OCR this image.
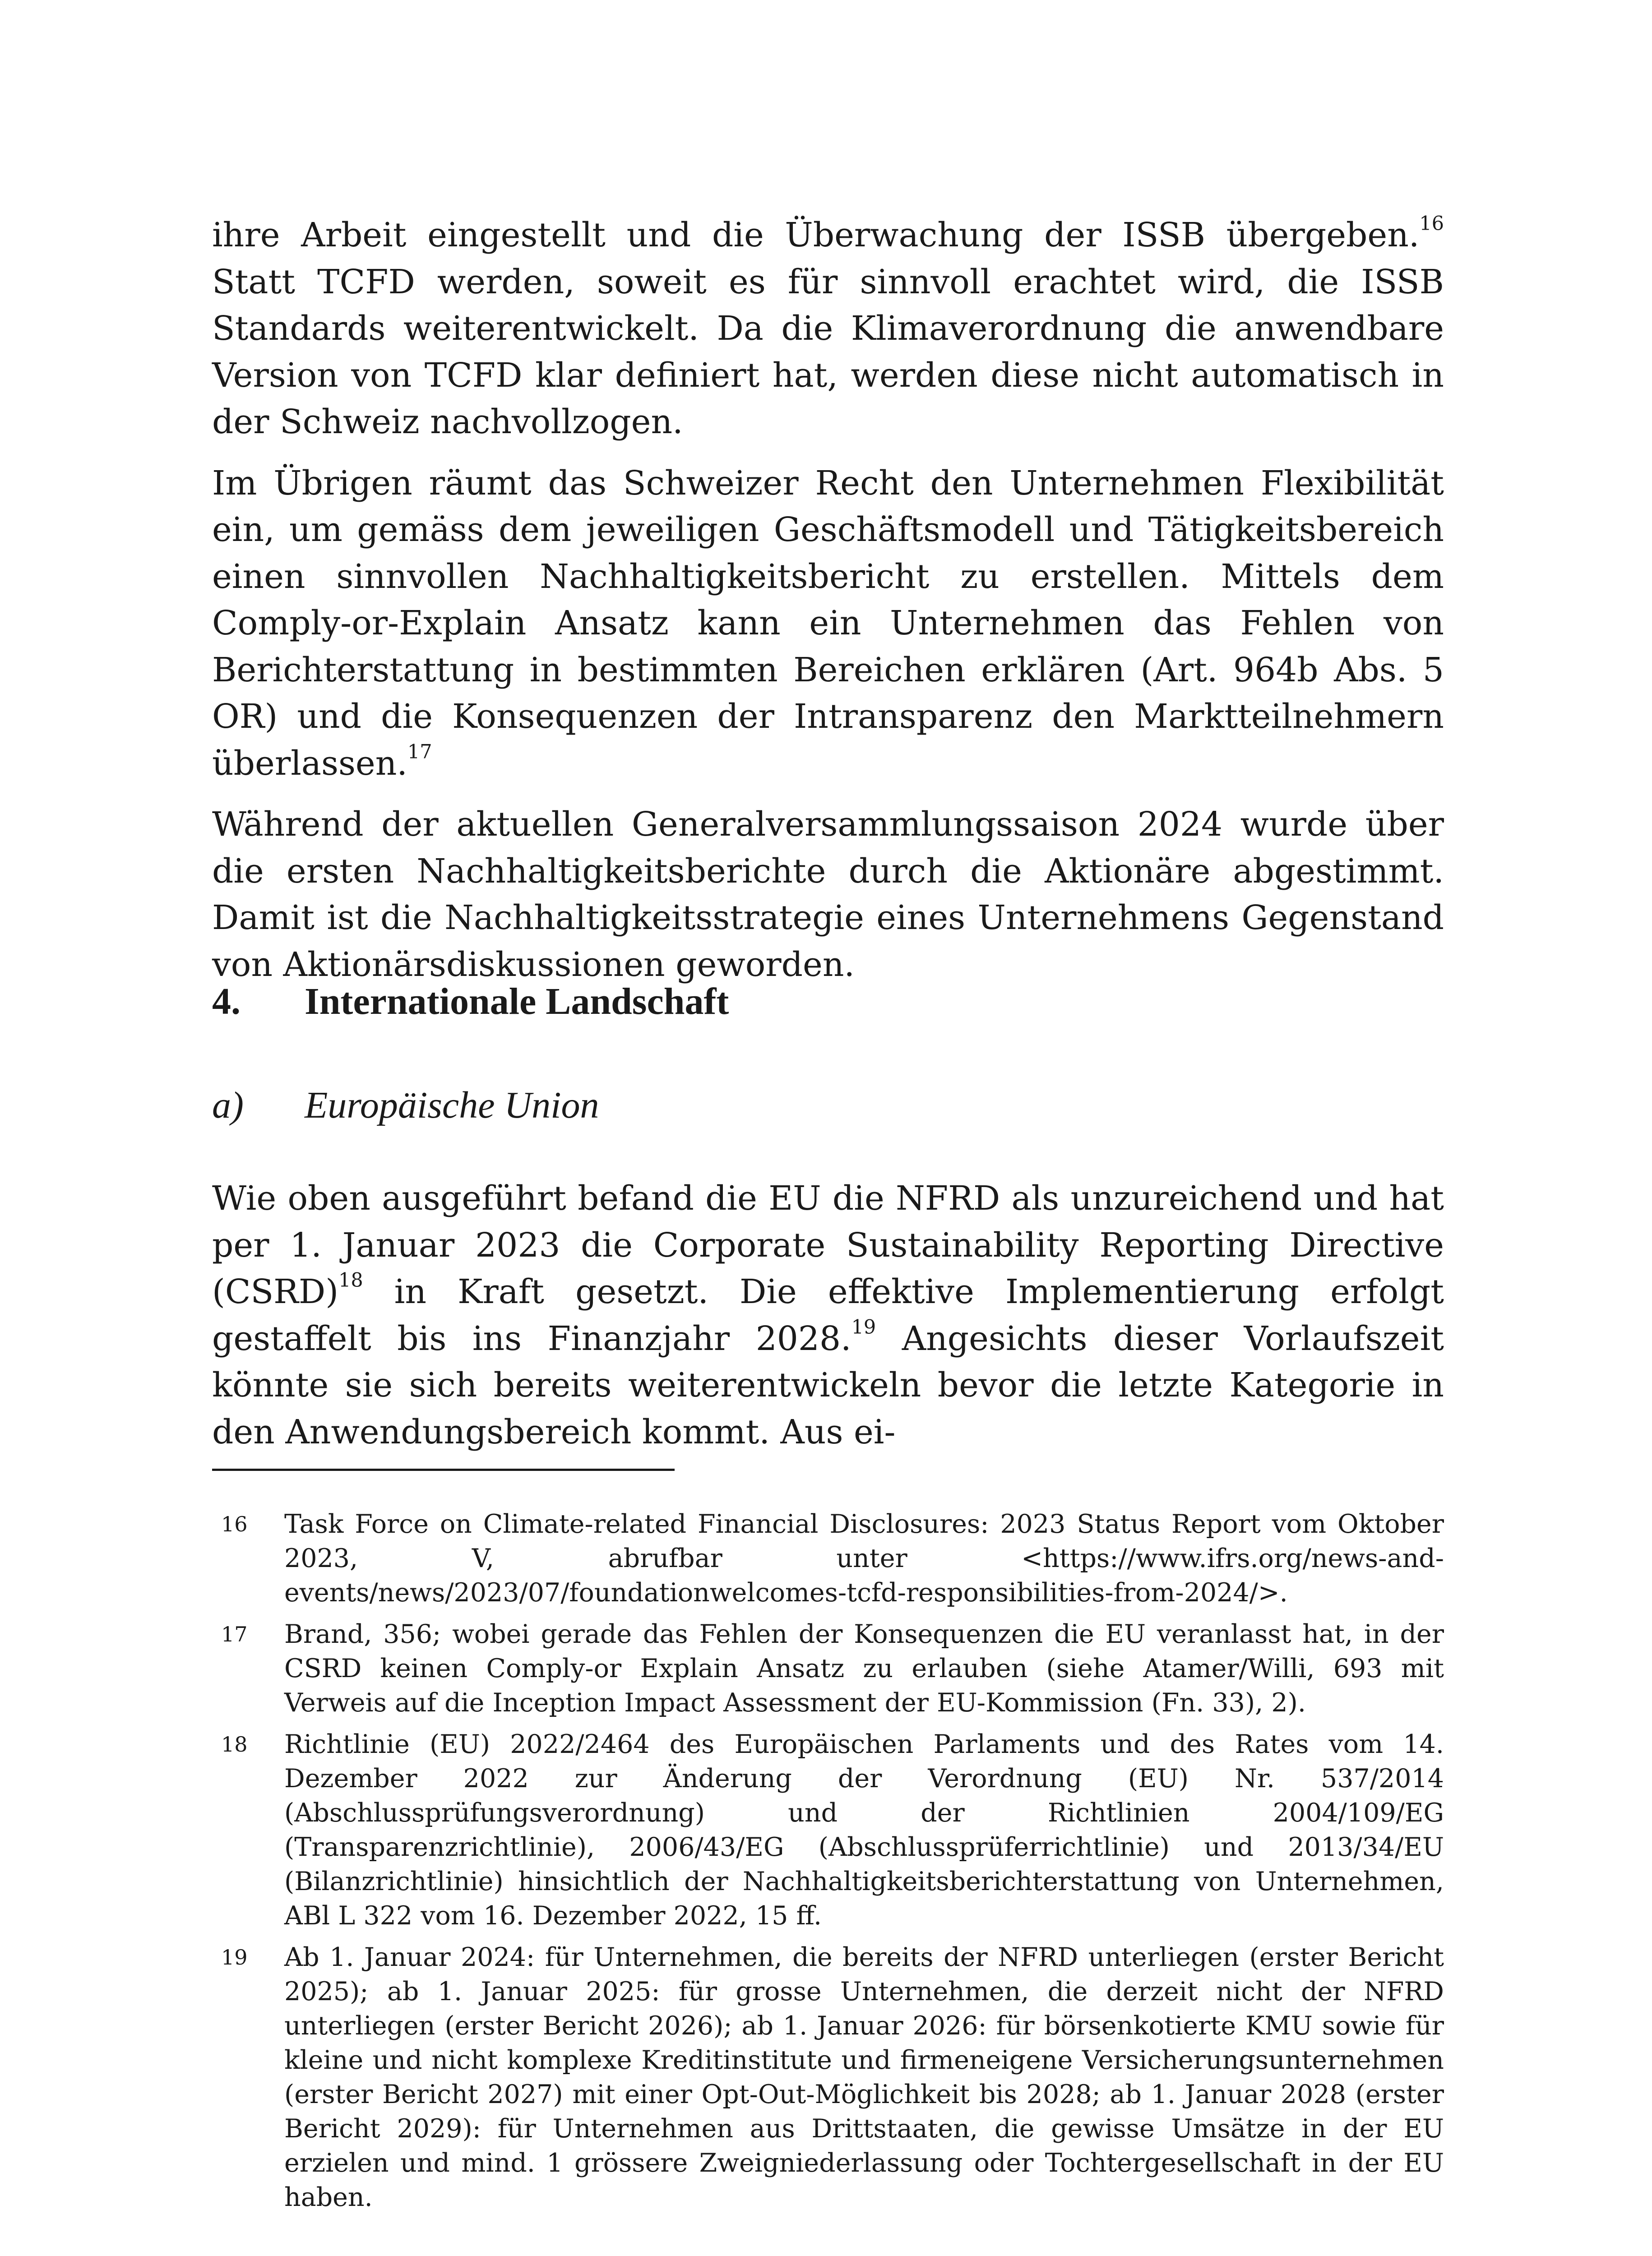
ihre Arbeit eingestellt und die Überwachung der ISSB übergeben.$^{16}$ Statt TCFD werden, soweit es für sinnvoll erachtet wird, die ISSB Standards weiterentwickelt. Da die Klimaverordnung die anwendbare Version von TCFD klar definiert hat, werden diese nicht automatisch in der Schweiz nachvollzogen.

Im Übrigen räumt das Schweizer Recht den Unternehmen Flexibilität ein, um gemäss dem jeweiligen Geschäftsmodell und Tätigkeitsbereich einen sinnvollen Nachhaltigkeitsbericht zu erstellen. Mittels dem Comply-or-Explain Ansatz kann ein Unternehmen das Fehlen von Berichterstattung in bestimmten Bereichen erklären (Art. 964b Abs. 5 OR) und die Konsequenzen der Intransparenz den Marktteilnehmern überlassen.$^{17}$

Während der aktuellen Generalversammlungssaison 2024 wurde über die ersten Nachhaltigkeitsberichte durch die Aktionäre abgestimmt. Damit ist die Nachhaltigkeitsstrategie eines Unternehmens Gegenstand von Aktionärsdiskussionen geworden.

4. Internationale Landschaft
a) Europäische Union

Wie oben ausgeführt befand die EU die NFRD als unzureichend und hat per 1. Januar 2023 die Corporate Sustainability Reporting Directive (CSRD)$^{18}$ in Kraft gesetzt. Die effektive Implementierung erfolgt gestaffelt bis ins Finanzjahr 2028.19 Angesichts dieser Vorlaufszeit könnte sie sich bereits weiterentwickeln bevor die letzte Kategorie in den Anwendungsbereich kommt. Aus ei-

16 Task Force on Climate-related Financial Disclosures: 2023 Status Report vom Oktober 2023, V, abrufbar unter <https://www.ifrs.org/news-and-events/news/2023/07/foundationwelcomes-tcfd-responsibilities-from-2024/>.
17 Brand, 356; wobei gerade das Fehlen der Konsequenzen die EU veranlasst hat, in der CSRD keinen Comply-or Explain Ansatz zu erlauben (siehe Atamer/Willi, 693 mit Verweis auf die Inception Impact Assessment der EU-Kommission (Fn. 33), 2).
18 Richtlinie (EU) 2022/2464 des Europäischen Parlaments und des Rates vom 14. Dezember 2022 zur Änderung der Verordnung (EU) Nr. 537/2014 (Abschlussprüfungsverordnung) und der Richtlinien 2004/109/EG (Transparenzrichtlinie), 2006/43/EG (Abschlussprüferrichtlinie) und 2013/34/EU (Bilanzrichtlinie) hinsichtlich der Nachhaltigkeitsberichterstattung von Unternehmen, ABl L 322 vom 16. Dezember 2022, 15 ff.
19 Ab 1. Januar 2024: für Unternehmen, die bereits der NFRD unterliegen (erster Bericht 2025); ab 1. Januar 2025: für grosse Unternehmen, die derzeit nicht der NFRD unterliegen (erster Bericht 2026); ab 1. Januar 2026: für börsenkotierte KMU sowie für kleine und nicht komplexe Kreditinstitute und firmeneigene Versicherungsunternehmen (erster Bericht 2027) mit einer Opt-Out-Möglichkeit bis 2028; ab 1. Januar 2028 (erster Bericht 2029): für Unternehmen aus Drittstaaten, die gewisse Umsätze in der EU erzielen und mind. 1 grössere Zweigniederlassung oder Tochtergesellschaft in der EU haben.
